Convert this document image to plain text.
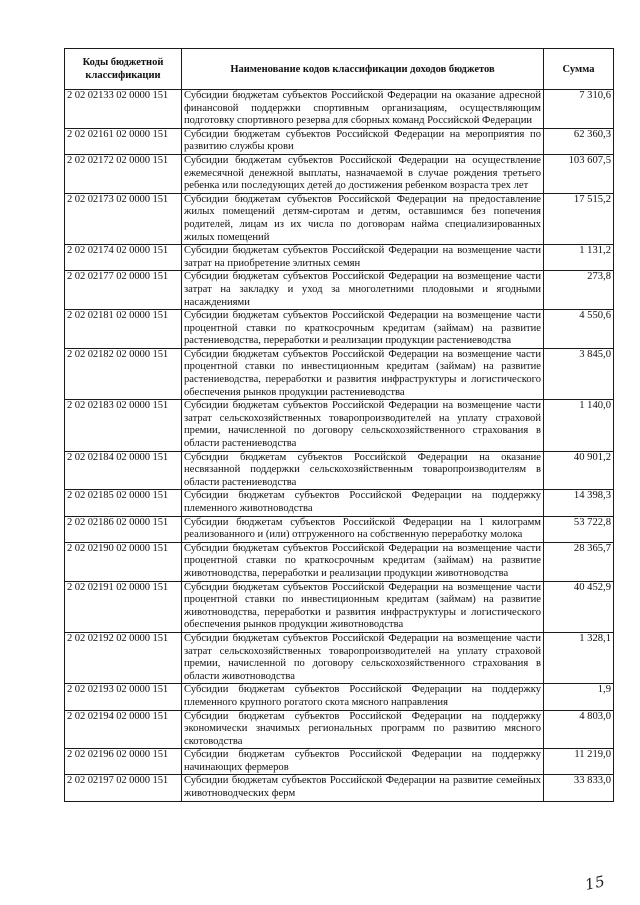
Коды бюджетной классификации	Наименование кодов классификации доходов бюджетов	Сумма
2 02 02133 02 0000 151	Субсидии бюджетам субъектов Российской Федерации на оказание адресной финансовой поддержки спортивным организациям, осуществляющим подготовку спортивного резерва для сборных команд Российской Федерации	7 310,6
2 02 02161 02 0000 151	Субсидии бюджетам субъектов Российской Федерации на мероприятия по развитию службы крови	62 360,3
2 02 02172 02 0000 151	Субсидии бюджетам субъектов Российской Федерации на осуществление ежемесячной денежной выплаты, назначаемой в случае рождения третьего ребенка или последующих детей до достижения ребенком возраста трех лет	103 607,5
2 02 02173 02 0000 151	Субсидии бюджетам субъектов Российской Федерации на предоставление жилых помещений детям-сиротам и детям, оставшимся без попечения родителей, лицам из их числа по договорам найма специализированных жилых помещений	17 515,2
2 02 02174 02 0000 151	Субсидии бюджетам субъектов Российской Федерации на возмещение части затрат на приобретение элитных семян	1 131,2
2 02 02177 02 0000 151	Субсидии бюджетам субъектов Российской Федерации на возмещение части затрат на закладку и уход за многолетними плодовыми и ягодными насаждениями	273,8
2 02 02181 02 0000 151	Субсидии бюджетам субъектов Российской Федерации на возмещение части процентной ставки по краткосрочным кредитам (займам) на развитие растениеводства, переработки и реализации продукции растениеводства	4 550,6
2 02 02182 02 0000 151	Субсидии бюджетам субъектов Российской Федерации на возмещение части процентной ставки по инвестиционным кредитам (займам) на развитие растениеводства, переработки и развития инфраструктуры и логистического обеспечения рынков продукции растениеводства	3 845,0
2 02 02183 02 0000 151	Субсидии бюджетам субъектов Российской Федерации на возмещение части затрат сельскохозяйственных товаропроизводителей на уплату страховой премии, начисленной по договору сельскохозяйственного страхования в области растениеводства	1 140,0
2 02 02184 02 0000 151	Субсидии бюджетам субъектов Российской Федерации на оказание несвязанной поддержки сельскохозяйственным товаропроизводителям в области растениеводства	40 901,2
2 02 02185 02 0000 151	Субсидии бюджетам субъектов Российской Федерации на поддержку племенного животноводства	14 398,3
2 02 02186 02 0000 151	Субсидии бюджетам субъектов Российской Федерации на 1 килограмм реализованного и (или) отгруженного на собственную переработку молока	53 722,8
2 02 02190 02 0000 151	Субсидии бюджетам субъектов Российской Федерации на возмещение части процентной ставки по краткосрочным кредитам (займам) на развитие животноводства, переработки и реализации продукции животноводства	28 365,7
2 02 02191 02 0000 151	Субсидии бюджетам субъектов Российской Федерации на возмещение части процентной ставки по инвестиционным кредитам (займам) на развитие животноводства, переработки и развития инфраструктуры и логистического обеспечения рынков продукции животноводства	40 452,9
2 02 02192 02 0000 151	Субсидии бюджетам субъектов Российской Федерации на возмещение части затрат сельскохозяйственных товаропроизводителей на уплату страховой премии, начисленной по договору сельскохозяйственного страхования в области животноводства	1 328,1
2 02 02193 02 0000 151	Субсидии бюджетам субъектов Российской Федерации на поддержку племенного крупного рогатого скота мясного направления	1,9
2 02 02194 02 0000 151	Субсидии бюджетам субъектов Российской Федерации на поддержку экономически значимых региональных программ по развитию мясного скотоводства	4 803,0
2 02 02196 02 0000 151	Субсидии бюджетам субъектов Российской Федерации на поддержку начинающих фермеров	11 219,0
2 02 02197 02 0000 151	Субсидии бюджетам субъектов Российской Федерации на развитие семейных животноводческих ферм	33 833,0
15
